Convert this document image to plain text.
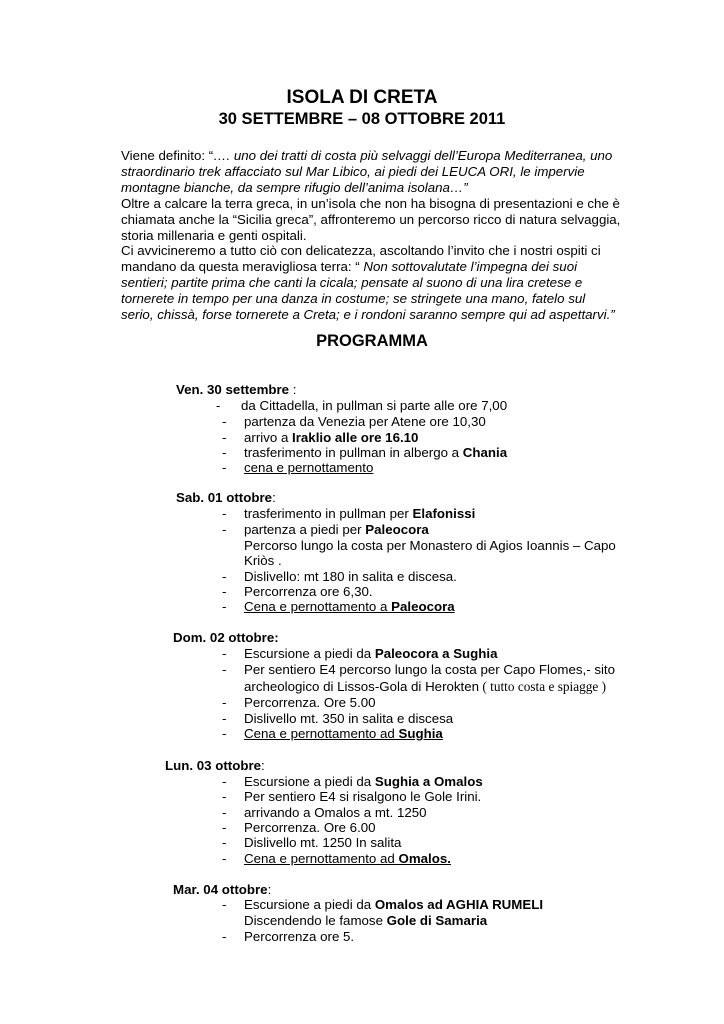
ISOLA DI CRETA
30 SETTEMBRE – 08 OTTOBRE 2011

Viene definito: “…. uno dei tratti di costa più selvaggi dell’Europa Mediterranea, uno straordinario trek affacciato sul Mar Libico, ai piedi dei LEUCA ORI, le impervie montagne bianche, da sempre rifugio dell’anima isolana…”

Oltre a calcare la terra greca, in un’isola che non ha bisogna di presentazioni e che è chiamata anche la “Sicilia greca”, affronteremo un percorso ricco di natura selvaggia, storia millenaria e genti ospitali.

Ci avvicineremo a tutto ciò con delicatezza, ascoltando l’invito che i nostri ospiti ci mandano da questa meravigliosa terra: “ Non sottovalutate l’impegna dei suoi sentieri; partite prima che canti la cicala; pensate al suono di una lira cretese e tornerete in tempo per una danza in costume; se stringete una mano, fatelo sul serio, chissà, forse tornerete a Creta; e i rondoni saranno sempre qui ad aspettarvi.”

PROGRAMMA
Ven. 30 settembre :
- da Cittadella, in pullman si parte alle ore 7,00
- partenza da Venezia per Atene ore 10,30
- arrivo a Iraklio alle ore 16.10
- trasferimento in pullman in albergo a Chania
- cena e pernottamento
Sab. 01 ottobre:
- trasferimento in pullman per Elafonissi
- partenza a piedi per Paleocora
Percorso lungo la costa per Monastero di Agios Ioannis – Capo
Kriòs .
- Dislivello: mt 180 in salita e discesa.
- Percorrenza ore 6,30.
- Cena e pernottamento a Paleocora
Dom. 02 ottobre:
- Escursione a piedi da Paleocora a Sughia
- Per sentiero E4 percorso lungo la costa per Capo Flomes,- sito
archeologico di Lissos-Gola di Herokten ( tutto costa e spiagge )
- Percorrenza. Ore 5.00
- Dislivello mt. 350 in salita e discesa
- Cena e pernottamento ad Sughia
Lun. 03 ottobre:
- Escursione a piedi da Sughia a Omalos
- Per sentiero E4 si risalgono le Gole Irini.
- arrivando a Omalos a mt. 1250
- Percorrenza. Ore 6.00
- Dislivello mt. 1250 In salita
- Cena e pernottamento ad Omalos.
Mar. 04 ottobre:
- Escursione a piedi da Omalos ad AGHIA RUMELI
Discendendo le famose Gole di Samaria
- Percorrenza ore 5.
